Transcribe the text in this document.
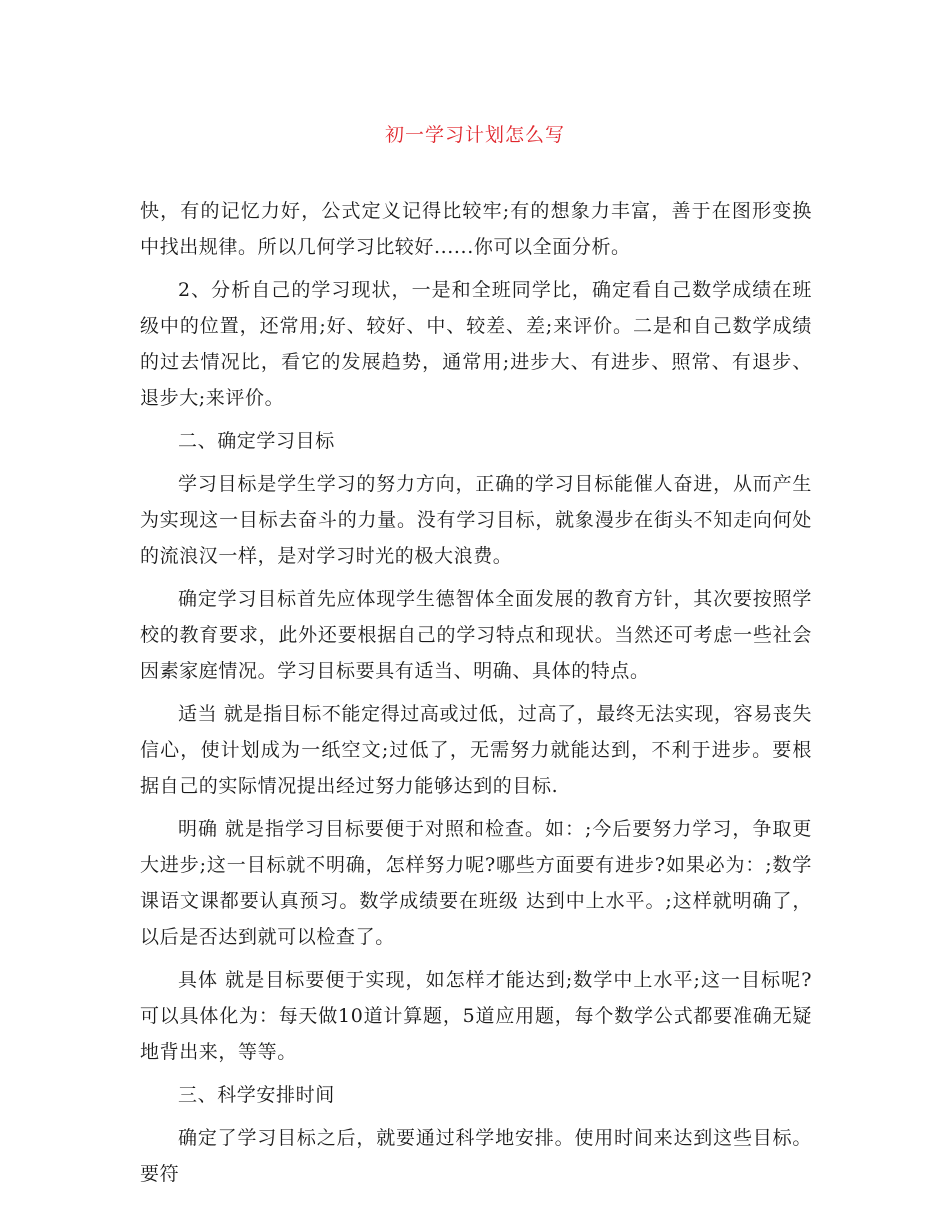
初一学习计划怎么写

快，有的记忆力好，公式定义记得比较牢;有的想象力丰富，善于在图形变换中找出规律。所以几何学习比较好......你可以全面分析。

2、分析自己的学习现状，一是和全班同学比，确定看自己数学成绩在班级中的位置，还常用;好、较好、中、较差、差;来评价。二是和自己数学成绩的过去情况比，看它的发展趋势，通常用;进步大、有进步、照常、有退步、退步大;来评价。

二、确定学习目标

学习目标是学生学习的努力方向，正确的学习目标能催人奋进，从而产生为实现这一目标去奋斗的力量。没有学习目标，就象漫步在街头不知走向何处的流浪汉一样，是对学习时光的极大浪费。

确定学习目标首先应体现学生德智体全面发展的教育方针，其次要按照学校的教育要求，此外还要根据自己的学习特点和现状。当然还可考虑一些社会因素家庭情况。学习目标要具有适当、明确、具体的特点。

适当 就是指目标不能定得过高或过低，过高了，最终无法实现，容易丧失信心，使计划成为一纸空文;过低了，无需努力就能达到，不利于进步。要根据自己的实际情况提出经过努力能够达到的目标.

明确 就是指学习目标要便于对照和检查。如：;今后要努力学习，争取更大进步;这一目标就不明确，怎样努力呢?哪些方面要有进步?如果必为：;数学课语文课都要认真预习。数学成绩要在班级 达到中上水平。;这样就明确了，以后是否达到就可以检查了。

具体 就是目标要便于实现，如怎样才能达到;数学中上水平;这一目标呢?可以具体化为：每天做10道计算题，5道应用题，每个数学公式都要准确无疑地背出来，等等。

三、科学安排时间

确定了学习目标之后，就要通过科学地安排。使用时间来达到这些目标。要符
